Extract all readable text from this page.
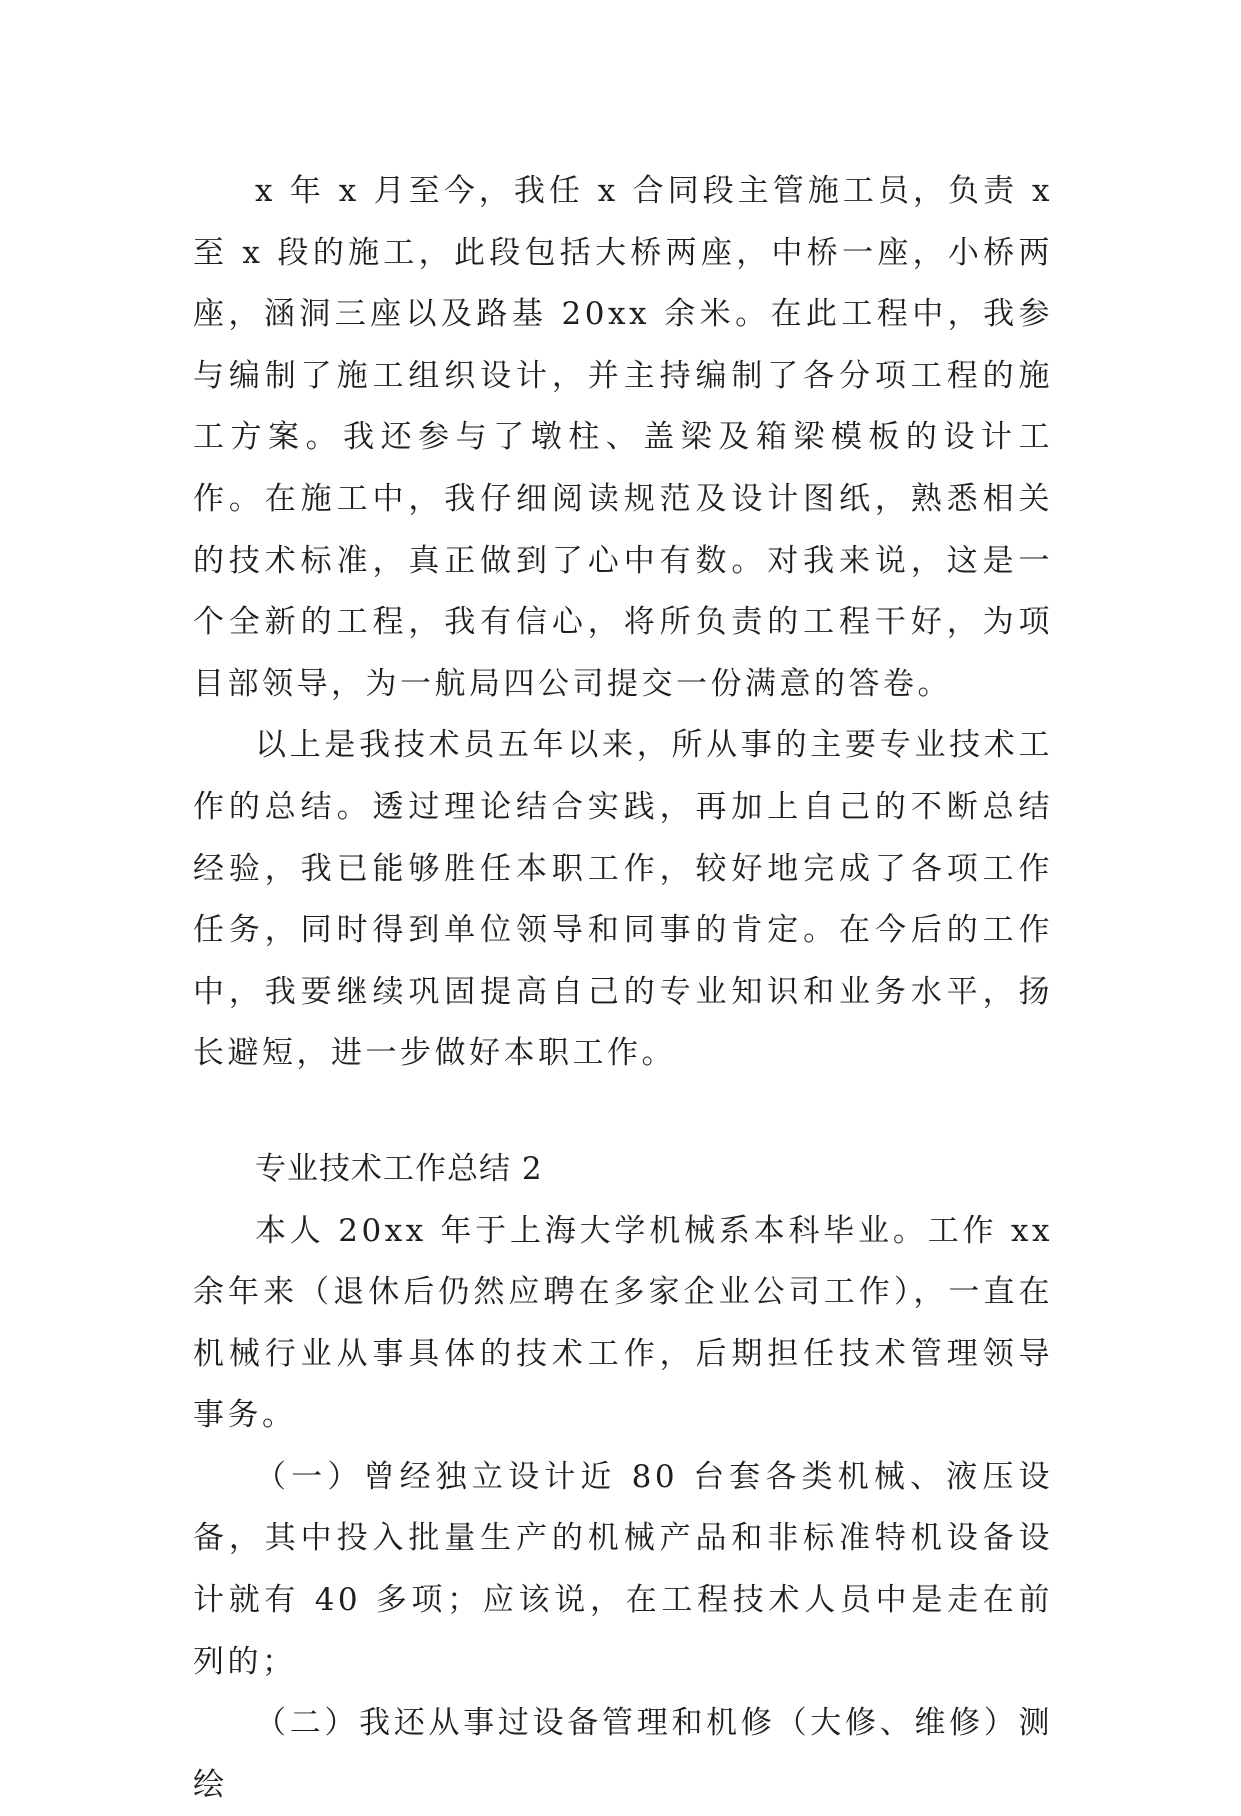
x 年 x 月至今，我任 x 合同段主管施工员，负责 x 至 x 段的施工，此段包括大桥两座，中桥一座，小桥两座，涵洞三座以及路基 20xx 余米。在此工程中，我参与编制了施工组织设计，并主持编制了各分项工程的施工方案。我还参与了墩柱、盖梁及箱梁模板的设计工作。在施工中，我仔细阅读规范及设计图纸，熟悉相关的技术标准，真正做到了心中有数。对我来说，这是一个全新的工程，我有信心，将所负责的工程干好，为项目部领导，为一航局四公司提交一份满意的答卷。

以上是我技术员五年以来，所从事的主要专业技术工作的总结。透过理论结合实践，再加上自己的不断总结经验，我已能够胜任本职工作，较好地完成了各项工作任务，同时得到单位领导和同事的肯定。在今后的工作中，我要继续巩固提高自己的专业知识和业务水平，扬长避短，进一步做好本职工作。

专业技术工作总结 2

本人 20xx 年于上海大学机械系本科毕业。工作 xx 余年来（退休后仍然应聘在多家企业公司工作），一直在机械行业从事具体的技术工作，后期担任技术管理领导事务。

（一）曾经独立设计近 80 台套各类机械、液压设备，其中投入批量生产的机械产品和非标准特机设备设计就有 40 多项；应该说，在工程技术人员中是走在前列的；

（二）我还从事过设备管理和机修（大修、维修）测绘
